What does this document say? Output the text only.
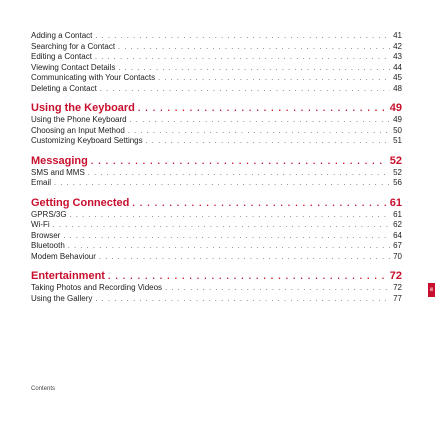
Adding a Contact . . .	41
Searching for a Contact . . .	42
Editing a Contact . . .	43
Viewing Contact Details . . .	44
Communicating with Your Contacts . . .	45
Deleting a Contact . . .	48
Using the Keyboard . . .	49
Using the Phone Keyboard . . .	49
Choosing an Input Method . . .	50
Customizing Keyboard Settings . . .	51
Messaging . . .	52
SMS and MMS . . .	52
Email . . .	56
Getting Connected . . .	61
GPRS/3G . . .	61
Wi-Fi . . .	62
Browser . . .	64
Bluetooth . . .	67
Modem Behaviour . . .	70
Entertainment . . .	72
Taking Photos and Recording Videos . . .	72
Using the Gallery . . .	77
Contents
iii
